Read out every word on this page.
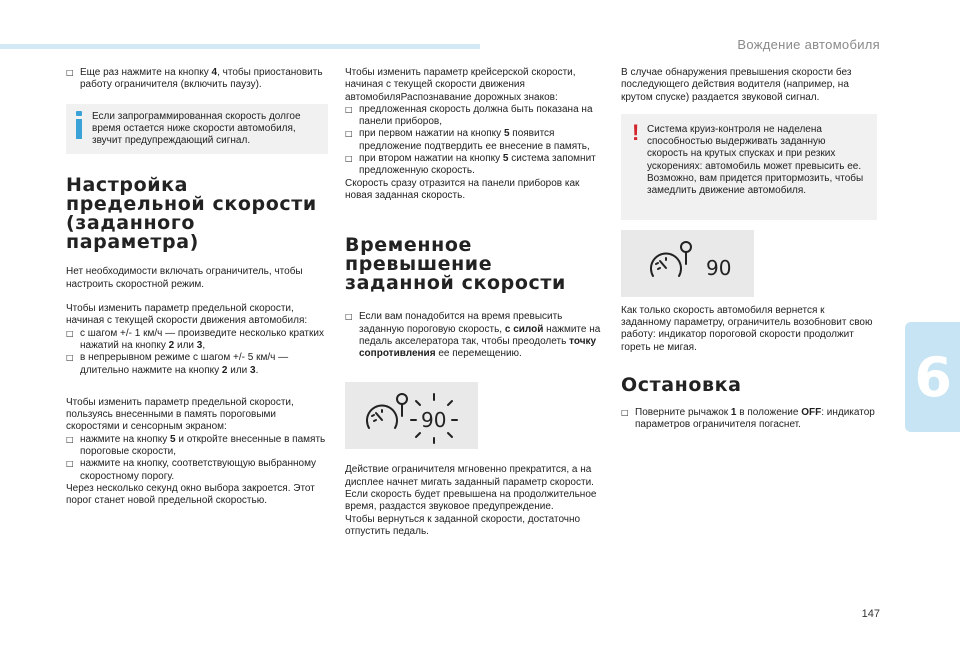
Вождение автомобиля
6
147
□ Еще раз нажмите на кнопку 4, чтобы приостановить работу ограничителя (включить паузу).
Если запрограммированная скорость долгое время остается ниже скорости автомобиля, звучит предупреждающий сигнал.
Настройка предельной скорости (заданного параметра)

Нет необходимости включать ограничитель, чтобы настроить скоростной режим.

Чтобы изменить параметр предельной скорости, начиная с текущей скорости движения автомобиля:

□ с шагом +/- 1 км/ч — произведите несколько кратких нажатий на кнопку 2 или 3,
□ в непрерывном режиме с шагом +/- 5 км/ч — длительно нажмите на кнопку 2 или 3.

Чтобы изменить параметр предельной скорости, пользуясь внесенными в память пороговыми скоростями и сенсорным экраном:

□ нажмите на кнопку 5 и откройте внесенные в память пороговые скорости,
□ нажмите на кнопку, соответствующую выбранному скоростному порогу.

Через несколько секунд окно выбора закроется. Этот порог станет новой предельной скоростью.

Чтобы изменить параметр крейсерской скорости, начиная с текущей скорости движения автомобиляРаспознавание дорожных знаков:

□ предложенная скорость должна быть показана на панели приборов,
□ при первом нажатии на кнопку 5 появится предложение подтвердить ее внесение в память,
□ при втором нажатии на кнопку 5 система запомнит предложенную скорость.

Скорость сразу отразится на панели приборов как новая заданная скорость.

Временное превышение заданной скорости
□ Если вам понадобится на время превысить заданную пороговую скорость, с силой нажмите на педаль акселератора так, чтобы преодолеть точку сопротивления ее перемещению.
90

Действие ограничителя мгновенно прекратится, а на дисплее начнет мигать заданный параметр скорости. Если скорость будет превышена на продолжительное время, раздастся звуковое предупреждение.

Чтобы вернуться к заданной скорости, достаточно отпустить педаль.

В случае обнаружения превышения скорости без последующего действия водителя (например, на крутом спуске) раздается звуковой сигнал.

! Система круиз-контроля не наделена способностью выдерживать заданную скорость на крутых спусках и при резких ускорениях: автомобиль может превысить ее.
Возможно, вам придется притормозить, чтобы замедлить движение автомобиля.
90

Как только скорость автомобиля вернется к заданному параметру, ограничитель возобновит свою работу: индикатор пороговой скорости продолжит гореть не мигая.

Остановка
□ Поверните рычажок 1 в положение OFF: индикатор параметров ограничителя погаснет.
